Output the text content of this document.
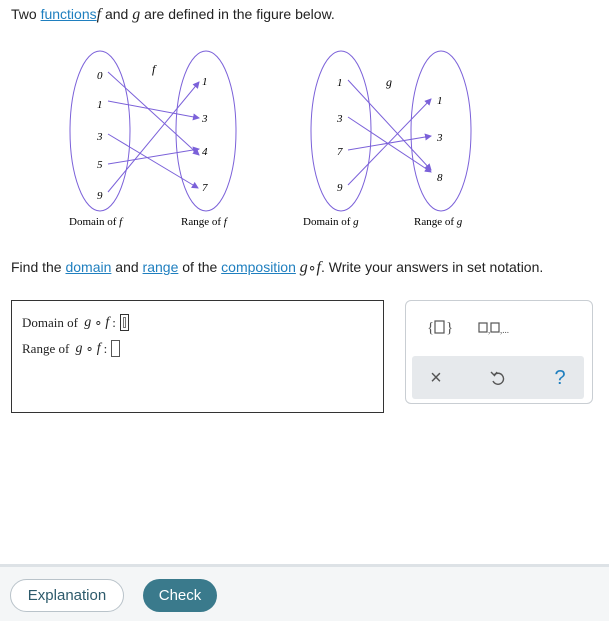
Two functionsf and g are defined in the figure below.
f
g
0
1
3
5
9
1
3
4
7
1
3
7
9
1
3
8
Domain of f	Range of f	Domain of g	Range of g
Find the domain and range of the composition g∘f. Write your answers in set notation.
Domain of
g ∘ f :
Range of
g ∘ f :
{ }	, ,...
×	?
Explanation	Check
